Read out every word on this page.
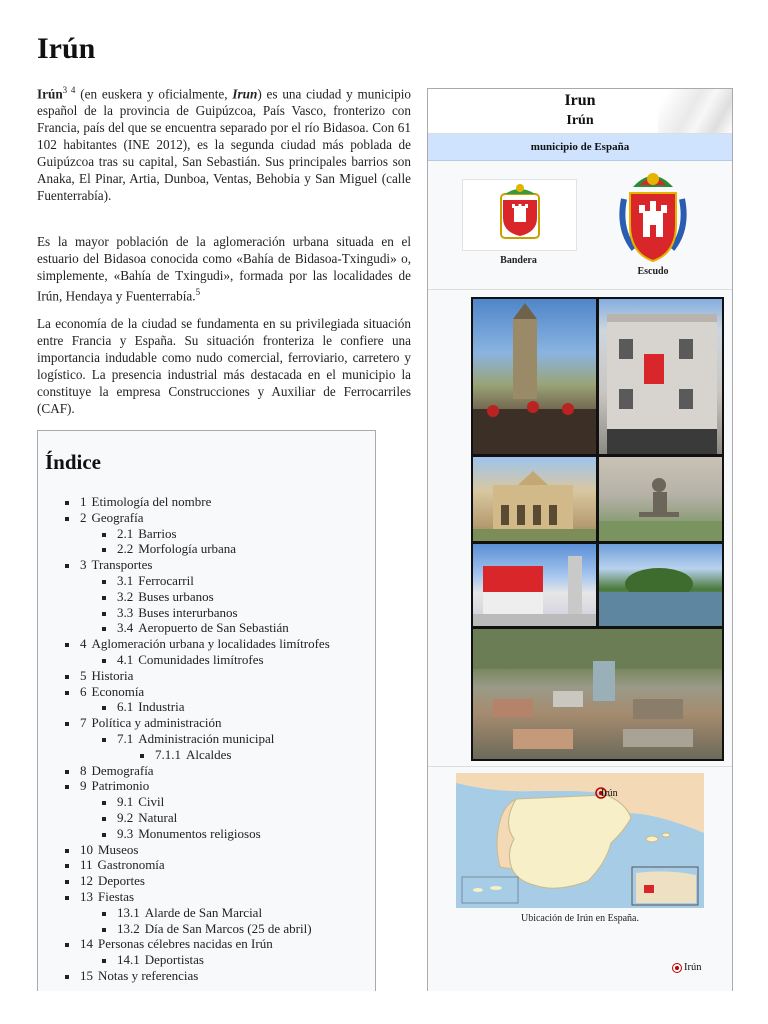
Irún

Irún$^{3 4}$ (en euskera y oficialmente, Irun) es una ciudad y municipio español de la provincia de Guipúzcoa, País Vasco, fronterizo con Francia, país del que se encuentra separado por el río Bidasoa. Con 61 102 habitantes (INE 2012), es la segunda ciudad más poblada de Guipúzcoa tras su capital, San Sebastián. Sus principales barrios son Anaka, El Pinar, Artia, Dunboa, Ventas, Behobia y San Miguel (calle Fuenterrabía).

Es la mayor población de la aglomeración urbana situada en el estuario del Bidasoa conocida como «Bahía de Bidasoa-Txingudi» o, simplemente, «Bahía de Txingudi», formada por las localidades de Irún, Hendaya y Fuenterrabía.$^5$

La economía de la ciudad se fundamenta en su privilegiada situación entre Francia y España. Su situación fronteriza le confiere una importancia indudable como nudo comercial, ferroviario, carretero y logístico. La presencia industrial más destacada en el municipio la constituye la empresa Construcciones y Auxiliar de Ferrocarriles (CAF).

Índice
1 Etimología del nombre
2 Geografía
2.1 Barrios
2.2 Morfología urbana
3 Transportes
3.1 Ferrocarril
3.2 Buses urbanos
3.3 Buses interurbanos
3.4 Aeropuerto de San Sebastián
4 Aglomeración urbana y localidades limítrofes
4.1 Comunidades limítrofes
5 Historia
6 Economía
6.1 Industria
7 Política y administración
7.1 Administración municipal
7.1.1 Alcaldes
8 Demografía
9 Patrimonio
9.1 Civil
9.2 Natural
9.3 Monumentos religiosos
10 Museos
11 Gastronomía
12 Deportes
13 Fiestas
13.1 Alarde de San Marcial
13.2 Día de San Marcos (25 de abril)
14 Personas célebres nacidas en Irún
14.1 Deportistas
15 Notas y referencias
Irun
Irún
municipio de España
Bandera
Escudo
Irún
Ubicación de Irún en España.
Irún
